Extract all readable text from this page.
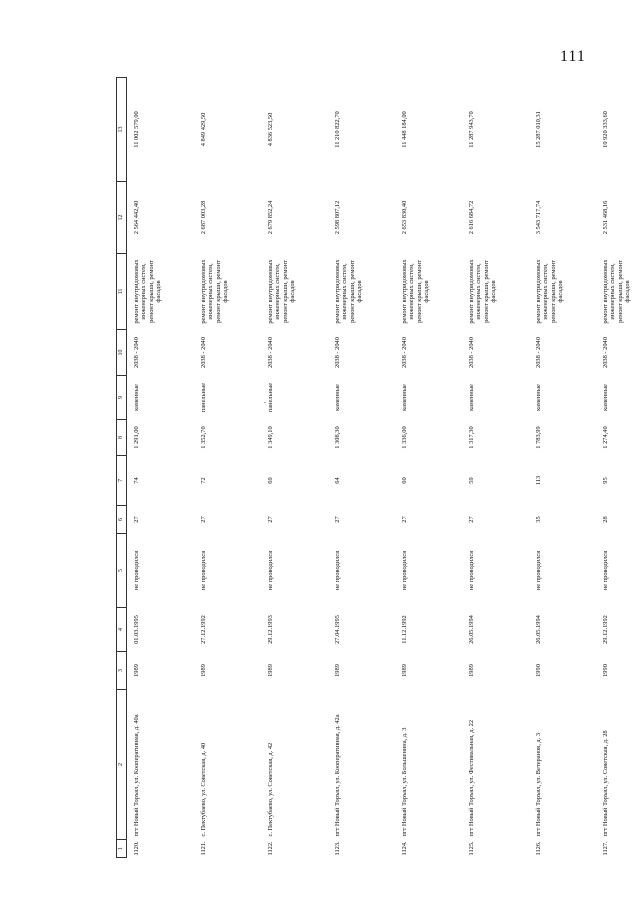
111
1	2	3	4	5	6	7	8	9	10	11	12	13
1120.	пгт Новый Торъял, ул. Кооперативная, д. 40а	1989	01.03.1995	не проводился	27	74	1 291,00	каменные	2038 - 2040	ремонт внутридомовых инженерных систем, ремонт крыши, ремонт фасадов	2 564 442,40	11 002 579,00
1121.	с. Пектубаево, ул. Советская, д. 40	1989	27.12.1992	не проводился	27	72	1 352,70	панельные	2038 - 2040	ремонт внутридомовых инженерных систем, ремонт крыши, ремонт фасадов	2 687 003,28	4 849 429,50
1122.	с. Пектубаево, ул. Советская, д. 42	1989	29.12.1993	не проводился	27	69	1 349,10	панельные	2038 - 2040	ремонт внутридомовых инженерных систем, ремонт крыши, ремонт фасадов	2 679 852,24	4 836 523,50
1123.	пгт Новый Торъял, ул. Кооперативная, д. 42а	1989	27.04.1995	не проводился	27	64	1 308,30	каменные	2038 - 2040	ремонт внутридомовых инженерных систем, ремонт крыши, ремонт фасадов	2 598 807,12	11 210 822,70
1124.	пгт Новый Торъял, ул. Большенина, д. 3	1989	11.12.1992	не проводился	27	60	1 336,00	каменные	2038 - 2040	ремонт внутридомовых инженерных систем, ремонт крыши, ремонт фасадов	2 653 830,40	11 448 184,00
1125.	пгт Новый Торъял, ул. Фестивальная, д. 22	1989	26.05.1994	не проводился	27	59	1 317,30	каменные	2038 - 2040	ремонт внутридомовых инженерных систем, ремонт крыши, ремонт фасадов	2 616 684,72	11 287 943,70
1126.	пгт Новый Торъял, ул. Ветеранов, д. 3	1990	26.05.1994	не проводился	35	113	1 783,99	каменные	2038 - 2040	ремонт внутридомовых инженерных систем, ремонт крыши, ремонт фасадов	3 543 717,74	15 287 010,31
1127.	пгт Новый Торъял, ул. Советская, д. 28	1990	29.12.1992	не проводился	28	95	1 274,40	каменные	2038 - 2040	ремонт внутридомовых инженерных систем, ремонт крыши, ремонт фасадов	2 531 468,16	10 920 333,60
-
